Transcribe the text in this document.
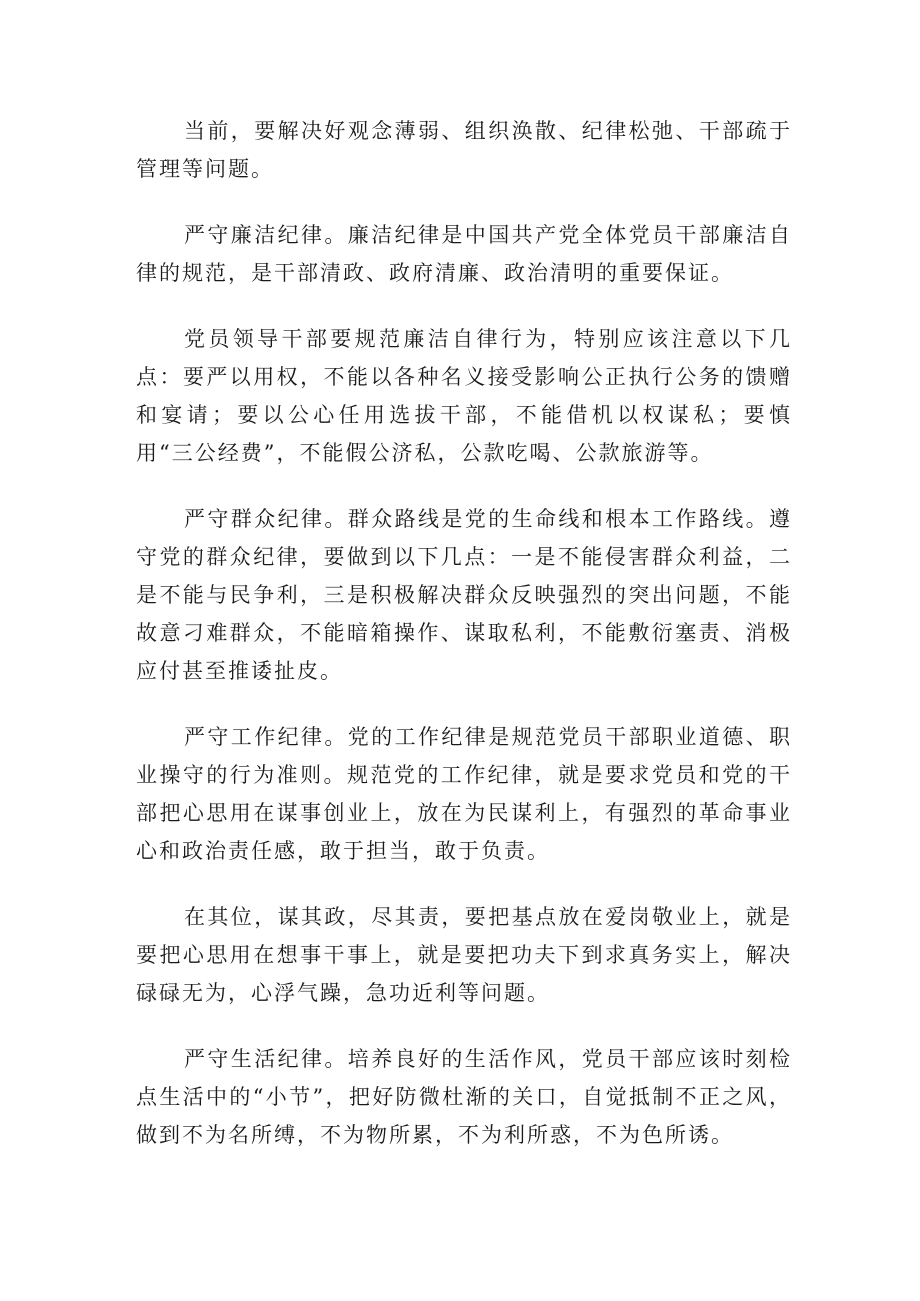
当前，要解决好观念薄弱、组织涣散、纪律松弛、干部疏于管理等问题。

严守廉洁纪律。廉洁纪律是中国共产党全体党员干部廉洁自律的规范，是干部清政、政府清廉、政治清明的重要保证。

党员领导干部要规范廉洁自律行为，特别应该注意以下几点：要严以用权，不能以各种名义接受影响公正执行公务的馈赠和宴请；要以公心任用选拔干部，不能借机以权谋私；要慎用“三公经费”，不能假公济私，公款吃喝、公款旅游等。

严守群众纪律。群众路线是党的生命线和根本工作路线。遵守党的群众纪律，要做到以下几点：一是不能侵害群众利益，二是不能与民争利，三是积极解决群众反映强烈的突出问题，不能故意刁难群众，不能暗箱操作、谋取私利，不能敷衍塞责、消极应付甚至推诿扯皮。

严守工作纪律。党的工作纪律是规范党员干部职业道德、职业操守的行为准则。规范党的工作纪律，就是要求党员和党的干部把心思用在谋事创业上，放在为民谋利上，有强烈的革命事业心和政治责任感，敢于担当，敢于负责。

在其位，谋其政，尽其责，要把基点放在爱岗敬业上，就是要把心思用在想事干事上，就是要把功夫下到求真务实上，解决碌碌无为，心浮气躁，急功近利等问题。

严守生活纪律。培养良好的生活作风，党员干部应该时刻检点生活中的“小节”，把好防微杜渐的关口，自觉抵制不正之风，做到不为名所缚，不为物所累，不为利所惑，不为色所诱。
